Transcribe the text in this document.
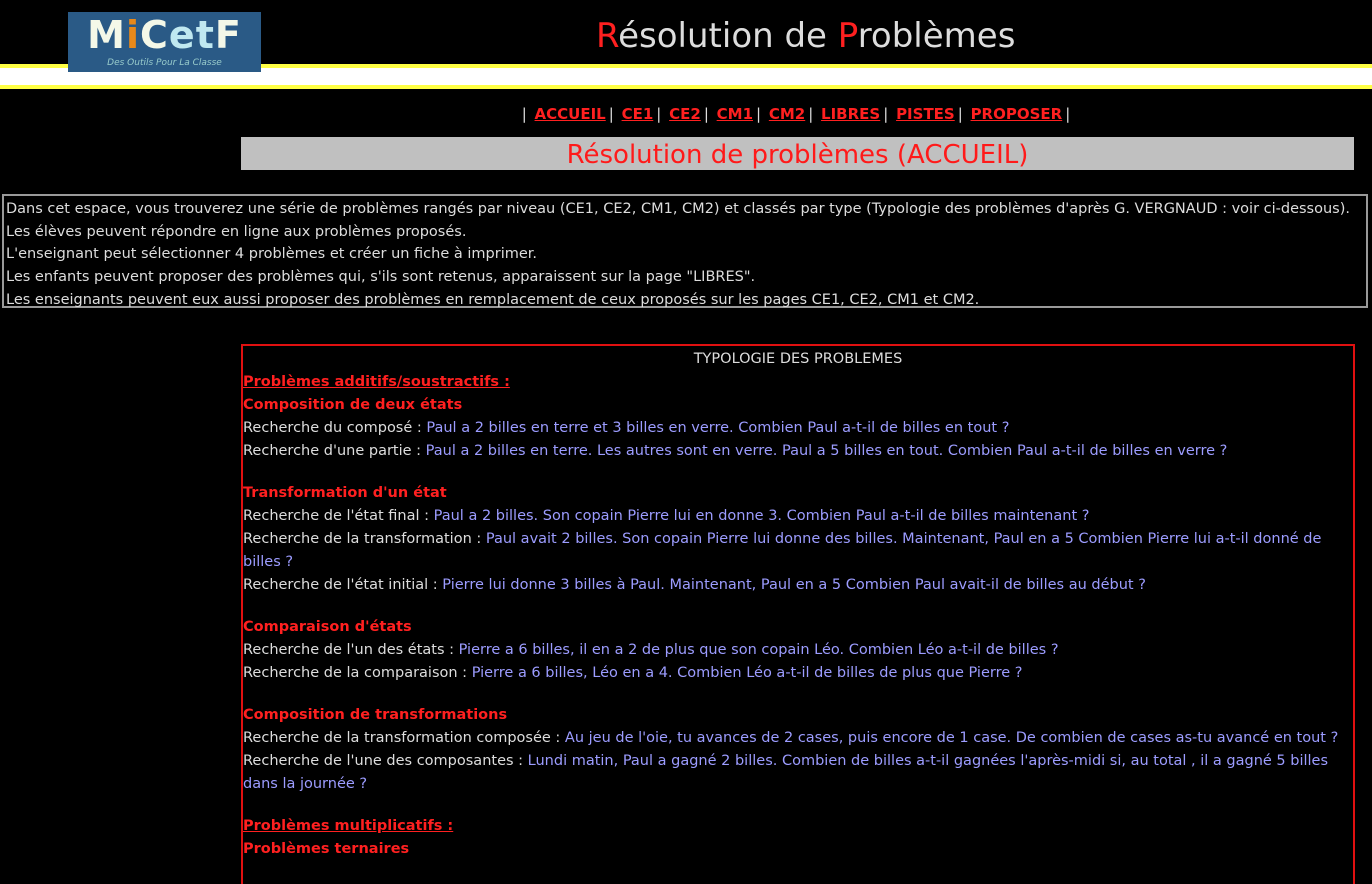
MiCetF
Des Outils Pour La Classe
Résolution de Problèmes
| ACCUEIL | CE1 | CE2 | CM1 | CM2 | LIBRES | PISTES | PROPOSER |
Résolution de problèmes (ACCUEIL)
Dans cet espace, vous trouverez une série de problèmes rangés par niveau (CE1, CE2, CM1, CM2) et classés par type (Typologie des problèmes d'après G. VERGNAUD : voir ci-dessous).
Les élèves peuvent répondre en ligne aux problèmes proposés.
L'enseignant peut sélectionner 4 problèmes et créer un fiche à imprimer.
Les enfants peuvent proposer des problèmes qui, s'ils sont retenus, apparaissent sur la page "LIBRES".
Les enseignants peuvent eux aussi proposer des problèmes en remplacement de ceux proposés sur les pages CE1, CE2, CM1 et CM2.
TYPOLOGIE DES PROBLEMES
Problèmes additifs/soustractifs :
Composition de deux états
Recherche du composé : Paul a 2 billes en terre et 3 billes en verre. Combien Paul a-t-il de billes en tout ?
Recherche d'une partie : Paul a 2 billes en terre. Les autres sont en verre. Paul a 5 billes en tout. Combien Paul a-t-il de billes en verre ?
Transformation d'un état
Recherche de l'état final : Paul a 2 billes. Son copain Pierre lui en donne 3. Combien Paul a-t-il de billes maintenant ?
Recherche de la transformation : Paul avait 2 billes. Son copain Pierre lui donne des billes. Maintenant, Paul en a 5 Combien Pierre lui a-t-il donné de billes ?
Recherche de l'état initial : Pierre lui donne 3 billes à Paul. Maintenant, Paul en a 5 Combien Paul avait-il de billes au début ?
Comparaison d'états
Recherche de l'un des états : Pierre a 6 billes, il en a 2 de plus que son copain Léo. Combien Léo a-t-il de billes ?
Recherche de la comparaison : Pierre a 6 billes, Léo en a 4. Combien Léo a-t-il de billes de plus que Pierre ?
Composition de transformations
Recherche de la transformation composée : Au jeu de l'oie, tu avances de 2 cases, puis encore de 1 case. De combien de cases as-tu avancé en tout ?
Recherche de l'une des composantes : Lundi matin, Paul a gagné 2 billes. Combien de billes a-t-il gagnées l'après-midi si, au total , il a gagné 5 billes dans la journée ?
Problèmes multiplicatifs :
Problèmes ternaires
